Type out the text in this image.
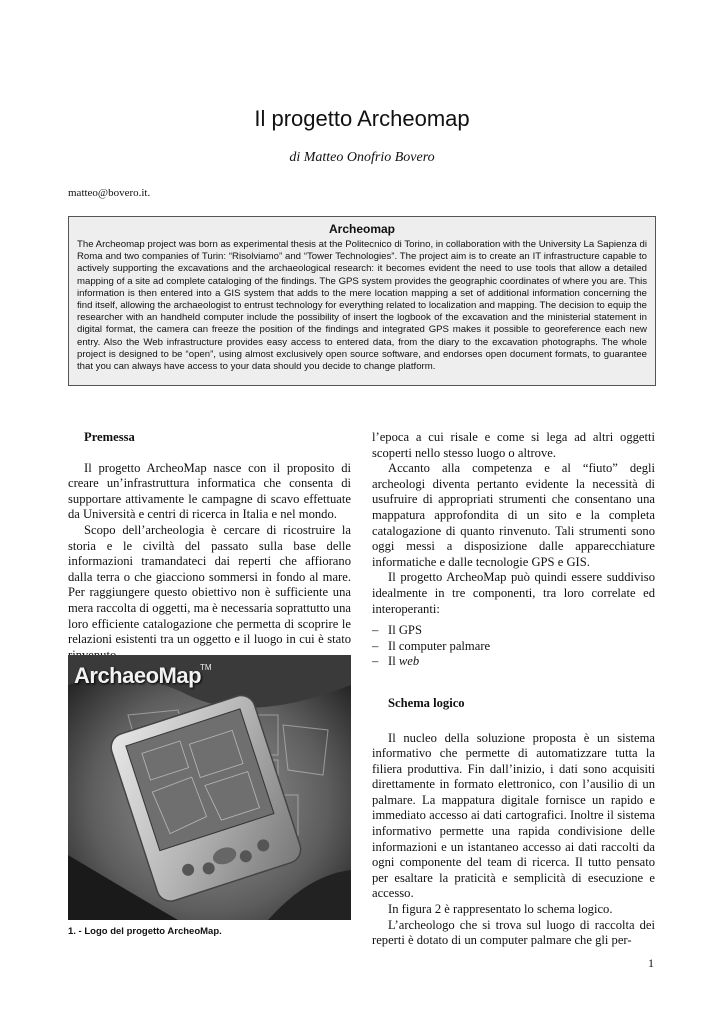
Il progetto Archeomap
di Matteo Onofrio Bovero
matteo@bovero.it.
Archeomap
The Archeomap project was born as experimental thesis at the Politecnico di Torino, in collaboration with the University La Sapienza di Roma and two companies of Turin: “Risolviamo” and “Tower Technologies”. The project aim is to create an IT infrastructure capable to actively supporting the excavations and the archaeological research: it becomes evident the need to use tools that allow a detailed mapping of a site ad complete cataloging of the findings. The GPS system provides the geographic coordinates of where you are. This information is then entered into a GIS system that adds to the mere location mapping a set of additional information concerning the find itself, allowing the archaeologist to entrust technology for everything related to localization and mapping. The decision to equip the researcher with an handheld computer include the possibility of insert the logbook of the excavation and the ministerial statement in digital format, the camera can freeze the position of the findings and integrated GPS makes it possible to georeference each new entry. Also the Web infrastructure provides easy access to entered data, from the diary to the excavation photographs. The whole project is designed to be “open”, using almost exclusively open source software, and endorses open document formats, to guarantee that you can always have access to your data should you decide to change platform.

Premessa

Il progetto ArcheoMap nasce con il proposito di creare un’infrastruttura informatica che consenta di supportare attivamente le campagne di scavo effettuate da Università e centri di ricerca in Italia e nel mondo.

Scopo dell’archeologia è cercare di ricostruire la storia e le civiltà del passato sulla base delle informazioni tramandateci dai reperti che affiorano dalla terra o che giacciono sommersi in fondo al mare. Per raggiungere questo obiettivo non è sufficiente una mera raccolta di oggetti, ma è necessaria soprattutto una loro efficiente catalogazione che permetta di scoprire le relazioni esistenti tra un oggetto e il luogo in cui è stato

ArchaeoMap
TM
1. - Logo del progetto ArcheoMap.

l’epoca a cui risale e come si lega ad altri oggetti scoperti nello stesso luogo o altrove.

Accanto alla competenza e al “fiuto” degli archeologi diventa pertanto evidente la necessità di usufruire di appropriati strumenti che consentano una mappatura approfondita di un sito e la completa catalogazione di quanto rinvenuto. Tali strumenti sono oggi messi a disposizione dalle apparecchiature informatiche e dalle tecnologie GPS e GIS.

Il progetto ArcheoMap può quindi essere suddiviso idealmente in tre componenti, tra loro correlate ed interoperanti:

– Il GPS
– Il computer palmare
– Il web

Schema logico

Il nucleo della soluzione proposta è un sistema informativo che permette di automatizzare tutta la filiera produttiva. Fin dall’inizio, i dati sono acquisiti direttamente in formato elettronico, con l’ausilio di un palmare. La mappatura digitale fornisce un rapido e immediato accesso ai dati cartografici. Inoltre il sistema informativo permette una rapida condivisione delle informazioni e un istantaneo accesso ai dati raccolti da ogni componente del team di ricerca. Il tutto pensato per esaltare la praticità e semplicità di esecuzione e accesso.

In figura 2 è rappresentato lo schema logico.

L’archeologo che si trova sul luogo di raccolta dei reperti è dotato di un computer palmare che gli per-

1
